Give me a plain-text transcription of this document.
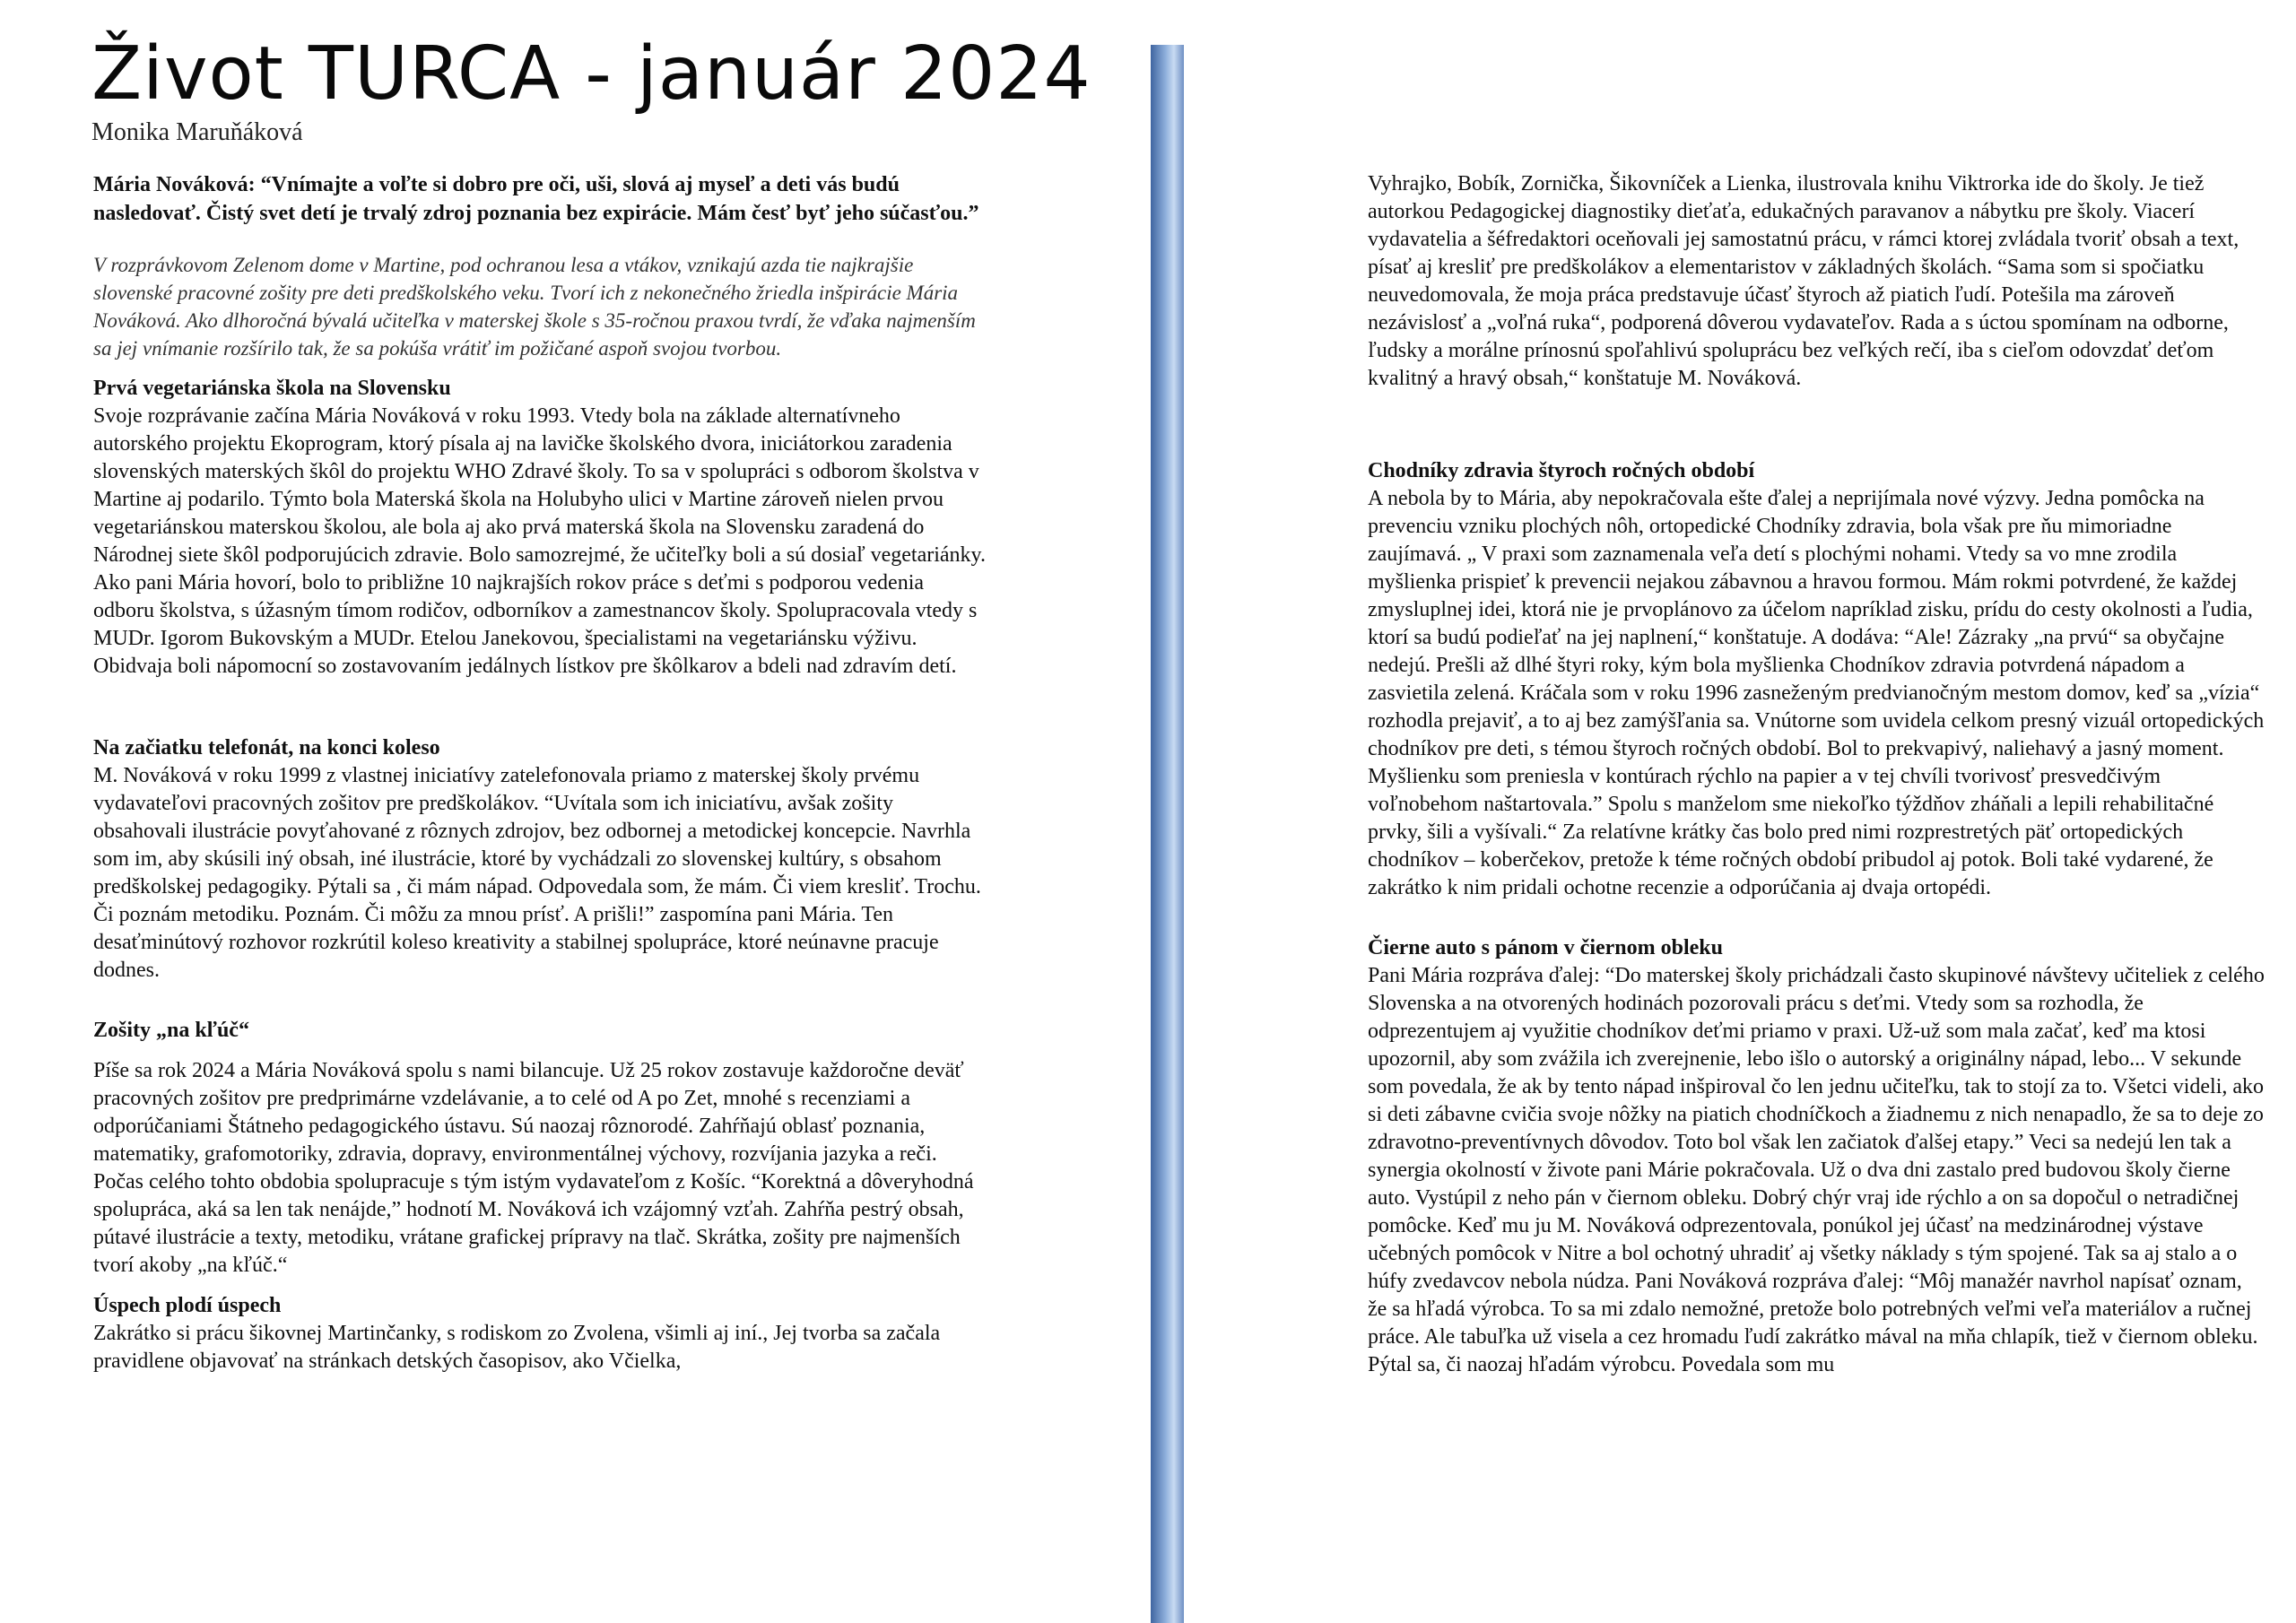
Život TURCA - január 2024

Monika Maruňáková

Mária Nováková: “Vnímajte a voľte si dobro pre oči, uši, slová aj myseľ a deti vás budú nasledovať. Čistý svet detí je trvalý zdroj poznania bez expirácie. Mám česť byť jeho súčasťou.”

V rozprávkovom Zelenom dome v Martine, pod ochranou lesa a vtákov, vznikajú azda tie najkrajšie slovenské pracovné zošity pre deti predškolského veku. Tvorí ich z nekonečného žriedla inšpirácie Mária Nováková. Ako dlhoročná bývalá učiteľka v materskej škole s 35-ročnou praxou tvrdí, že vďaka najmenším sa jej vnímanie rozšírilo tak, že sa pokúša vrátiť im požičané aspoň svojou tvorbou.

Prvá vegetariánska škola na Slovensku

Svoje rozprávanie začína Mária Nováková v roku 1993. Vtedy bola na základe alternatívneho autorského projektu Ekoprogram, ktorý písala aj na lavičke školského dvora, iniciátorkou zaradenia slovenských materských škôl do projektu WHO Zdravé školy. To sa v spolupráci s odborom školstva v Martine aj podarilo. Týmto bola Materská škola na Holubyho ulici v Martine zároveň nielen prvou vegetariánskou materskou školou, ale bola aj ako prvá materská škola na Slovensku zaradená do Národnej siete škôl podporujúcich zdravie. Bolo samozrejmé, že učiteľky boli a sú dosiaľ vegetariánky. Ako pani Mária hovorí, bolo to približne 10 najkrajších rokov práce s deťmi s podporou vedenia odboru školstva, s úžasným tímom rodičov, odborníkov a zamestnancov školy. Spolupracovala vtedy s MUDr. Igorom Bukovským a MUDr. Etelou Janekovou, špecialistami na vegetariánsku výživu. Obidvaja boli nápomocní so zostavovaním jedálnych lístkov pre škôlkarov a bdeli nad zdravím detí.

Na začiatku telefonát, na konci koleso

M. Nováková v roku 1999 z vlastnej iniciatívy zatelefonovala priamo z materskej školy prvému vydavateľovi pracovných zošitov pre predškolákov. “Uvítala som ich iniciatívu, avšak zošity obsahovali ilustrácie povyťahované z rôznych zdrojov, bez odbornej a metodickej koncepcie. Navrhla som im, aby skúsili iný obsah, iné ilustrácie, ktoré by vychádzali zo slovenskej kultúry, s obsahom predškolskej pedagogiky. Pýtali sa , či mám nápad. Odpovedala som, že mám. Či viem kresliť. Trochu. Či poznám metodiku. Poznám. Či môžu za mnou prísť. A prišli!” zaspomína pani Mária. Ten desaťminútový rozhovor rozkrútil koleso kreativity a stabilnej spolupráce, ktoré neúnavne pracuje dodnes.

Zošity „na kľúč“

Píše sa rok 2024 a Mária Nováková spolu s nami bilancuje. Už 25 rokov zostavuje každoročne deväť pracovných zošitov pre predprimárne vzdelávanie, a to celé od A po Zet, mnohé s recenziami a odporúčaniami Štátneho pedagogického ústavu. Sú naozaj rôznorodé. Zahŕňajú oblasť poznania, matematiky, grafomotoriky, zdravia, dopravy, environmentálnej výchovy, rozvíjania jazyka a reči. Počas celého tohto obdobia spolupracuje s tým istým vydavateľom z Košíc. “Korektná a dôveryhodná spolupráca, aká sa len tak nenájde,” hodnotí M. Nováková ich vzájomný vzťah. Zahŕňa pestrý obsah, pútavé ilustrácie a texty, metodiku, vrátane grafickej prípravy na tlač. Skrátka, zošity pre najmenších tvorí akoby „na kľúč.“

Úspech plodí úspech

Zakrátko si prácu šikovnej Martinčanky, s rodiskom zo Zvolena, všimli aj iní., Jej tvorba sa začala pravidlene objavovať na stránkach detských časopisov, ako Včielka,

Vyhrajko, Bobík, Zornička, Šikovníček a Lienka, ilustrovala knihu Viktrorka ide do školy. Je tiež autorkou Pedagogickej diagnostiky dieťaťa, edukačných paravanov a nábytku pre školy. Viacerí vydavatelia a šéfredaktori oceňovali jej samostatnú prácu, v rámci ktorej zvládala tvoriť obsah a text, písať aj kresliť pre predškolákov a elementaristov v základných školách. “Sama som si spočiatku neuvedomovala, že moja práca predstavuje účasť štyroch až piatich ľudí. Potešila ma zároveň nezávislosť a „voľná ruka“, podporená dôverou vydavateľov. Rada a s úctou spomínam na odborne, ľudsky a morálne prínosnú spoľahlivú spoluprácu bez veľkých rečí, iba s cieľom odovzdať deťom kvalitný a hravý obsah,“ konštatuje M. Nováková.

Chodníky zdravia štyroch ročných období

A nebola by to Mária, aby nepokračovala ešte ďalej a neprijímala nové výzvy. Jedna pomôcka na prevenciu vzniku plochých nôh, ortopedické Chodníky zdravia, bola však pre ňu mimoriadne zaujímavá. „ V praxi som zaznamenala veľa detí s plochými nohami. Vtedy sa vo mne zrodila myšlienka prispieť k prevencii nejakou zábavnou a hravou formou. Mám rokmi potvrdené, že každej zmysluplnej idei, ktorá nie je prvoplánovo za účelom napríklad zisku, prídu do cesty okolnosti a ľudia, ktorí sa budú podieľať na jej naplnení,“ konštatuje. A dodáva: “Ale! Zázraky „na prvú“ sa obyčajne nedejú. Prešli až dlhé štyri roky, kým bola myšlienka Chodníkov zdravia potvrdená nápadom a zasvietila zelená. Kráčala som v roku 1996 zasneženým predvianočným mestom domov, keď sa „vízia“ rozhodla prejaviť, a to aj bez zamýšľania sa. Vnútorne som uvidela celkom presný vizuál ortopedických chodníkov pre deti, s témou štyroch ročných období. Bol to prekvapivý, naliehavý a jasný moment. Myšlienku som preniesla v kontúrach rýchlo na papier a v tej chvíli tvorivosť presvedčivým voľnobehom naštartovala.” Spolu s manželom sme niekoľko týždňov zháňali a lepili rehabilitačné prvky, šili a vyšívali.“ Za relatívne krátky čas bolo pred nimi rozprestretých päť ortopedických chodníkov – koberčekov, pretože k téme ročných období pribudol aj potok. Boli také vydarené, že zakrátko k nim pridali ochotne recenzie a odporúčania aj dvaja ortopédi.

Čierne auto s pánom v čiernom obleku

Pani Mária rozpráva ďalej: “Do materskej školy prichádzali často skupinové návštevy učiteliek z celého Slovenska a na otvorených hodinách pozorovali prácu s deťmi. Vtedy som sa rozhodla, že odprezentujem aj využitie chodníkov deťmi priamo v praxi. Už-už som mala začať, keď ma ktosi upozornil, aby som zvážila ich zverejnenie, lebo išlo o autorský a originálny nápad, lebo... V sekunde som povedala, že ak by tento nápad inšpiroval čo len jednu učiteľku, tak to stojí za to. Všetci videli, ako si deti zábavne cvičia svoje nôžky na piatich chodníčkoch a žiadnemu z nich nenapadlo, že sa to deje zo zdravotno-preventívnych dôvodov. Toto bol však len začiatok ďalšej etapy.” Veci sa nedejú len tak a synergia okolností v živote pani Márie pokračovala. Už o dva dni zastalo pred budovou školy čierne auto. Vystúpil z neho pán v čiernom obleku. Dobrý chýr vraj ide rýchlo a on sa dopočul o netradičnej pomôcke. Keď mu ju M. Nováková odprezentovala, ponúkol jej účasť na medzinárodnej výstave učebných pomôcok v Nitre a bol ochotný uhradiť aj všetky náklady s tým spojené. Tak sa aj stalo a o húfy zvedavcov nebola núdza. Pani Nováková rozpráva ďalej: “Môj manažér navrhol napísať oznam, že sa hľadá výrobca. To sa mi zdalo nemožné, pretože bolo potrebných veľmi veľa materiálov a ručnej práce. Ale tabuľka už visela a cez hromadu ľudí zakrátko mával na mňa chlapík, tiež v čiernom obleku. Pýtal sa, či naozaj hľadám výrobcu. Povedala som mu
